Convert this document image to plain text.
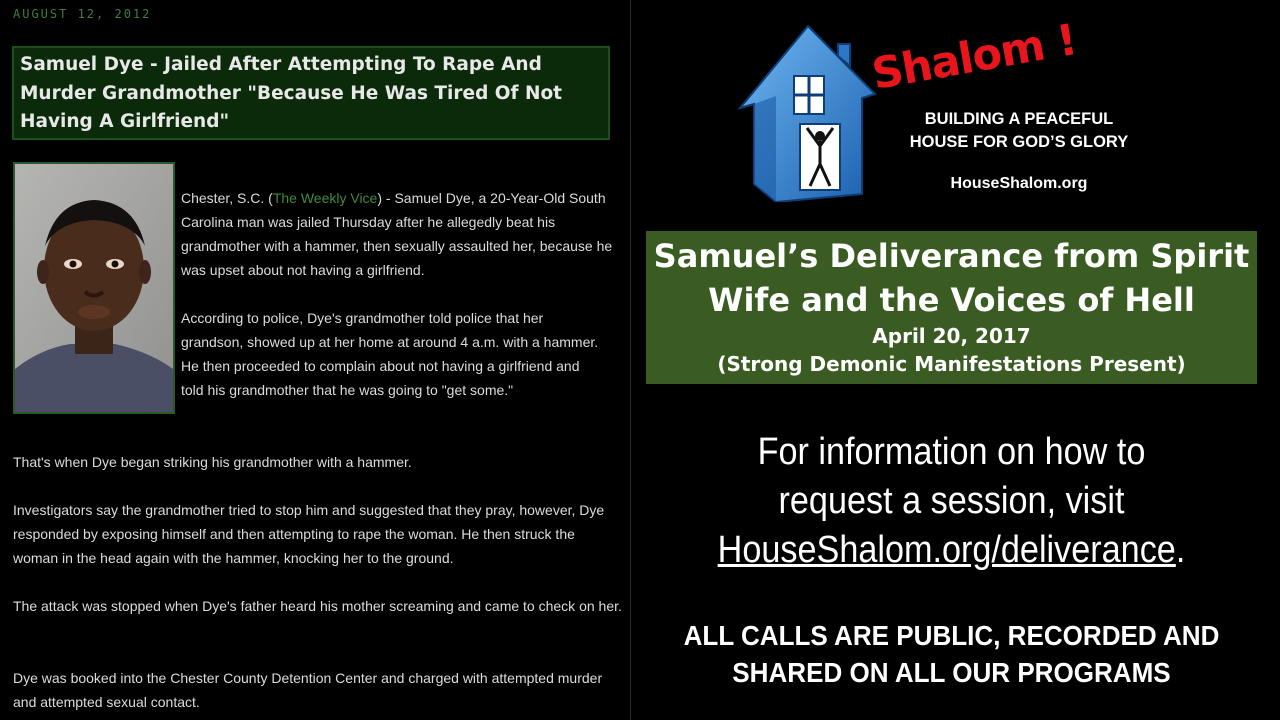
AUGUST 12, 2012
Samuel Dye - Jailed After Attempting To Rape And Murder Grandmother "Because He Was Tired Of Not Having A Girlfriend"

Chester, S.C. (The Weekly Vice) - Samuel Dye, a 20-Year-Old South Carolina man was jailed Thursday after he allegedly beat his grandmother with a hammer, then sexually assaulted her, because he was upset about not having a girlfriend.

According to police, Dye's grandmother told police that her grandson, showed up at her home at around 4 a.m. with a hammer. He then proceeded to complain about not having a girlfriend and told his grandmother that he was going to "get some."
That's when Dye began striking his grandmother with a hammer.
Investigators say the grandmother tried to stop him and suggested that they pray, however, Dye responded by exposing himself and then attempting to rape the woman. He then struck the woman in the head again with the hammer, knocking her to the ground.
The attack was stopped when Dye's father heard his mother screaming and came to check on her.
Dye was booked into the Chester County Detention Center and charged with attempted murder and attempted sexual contact.
Shalom !
BUILDING A PEACEFUL
HOUSE FOR GOD’S GLORY
HouseShalom.org
Samuel’s Deliverance from Spirit
Wife and the Voices of Hell
April 20, 2017
(Strong Demonic Manifestations Present)
For information on how to
request a session, visit
HouseShalom.org/deliverance.
ALL CALLS ARE PUBLIC, RECORDED AND
SHARED ON ALL OUR PROGRAMS
